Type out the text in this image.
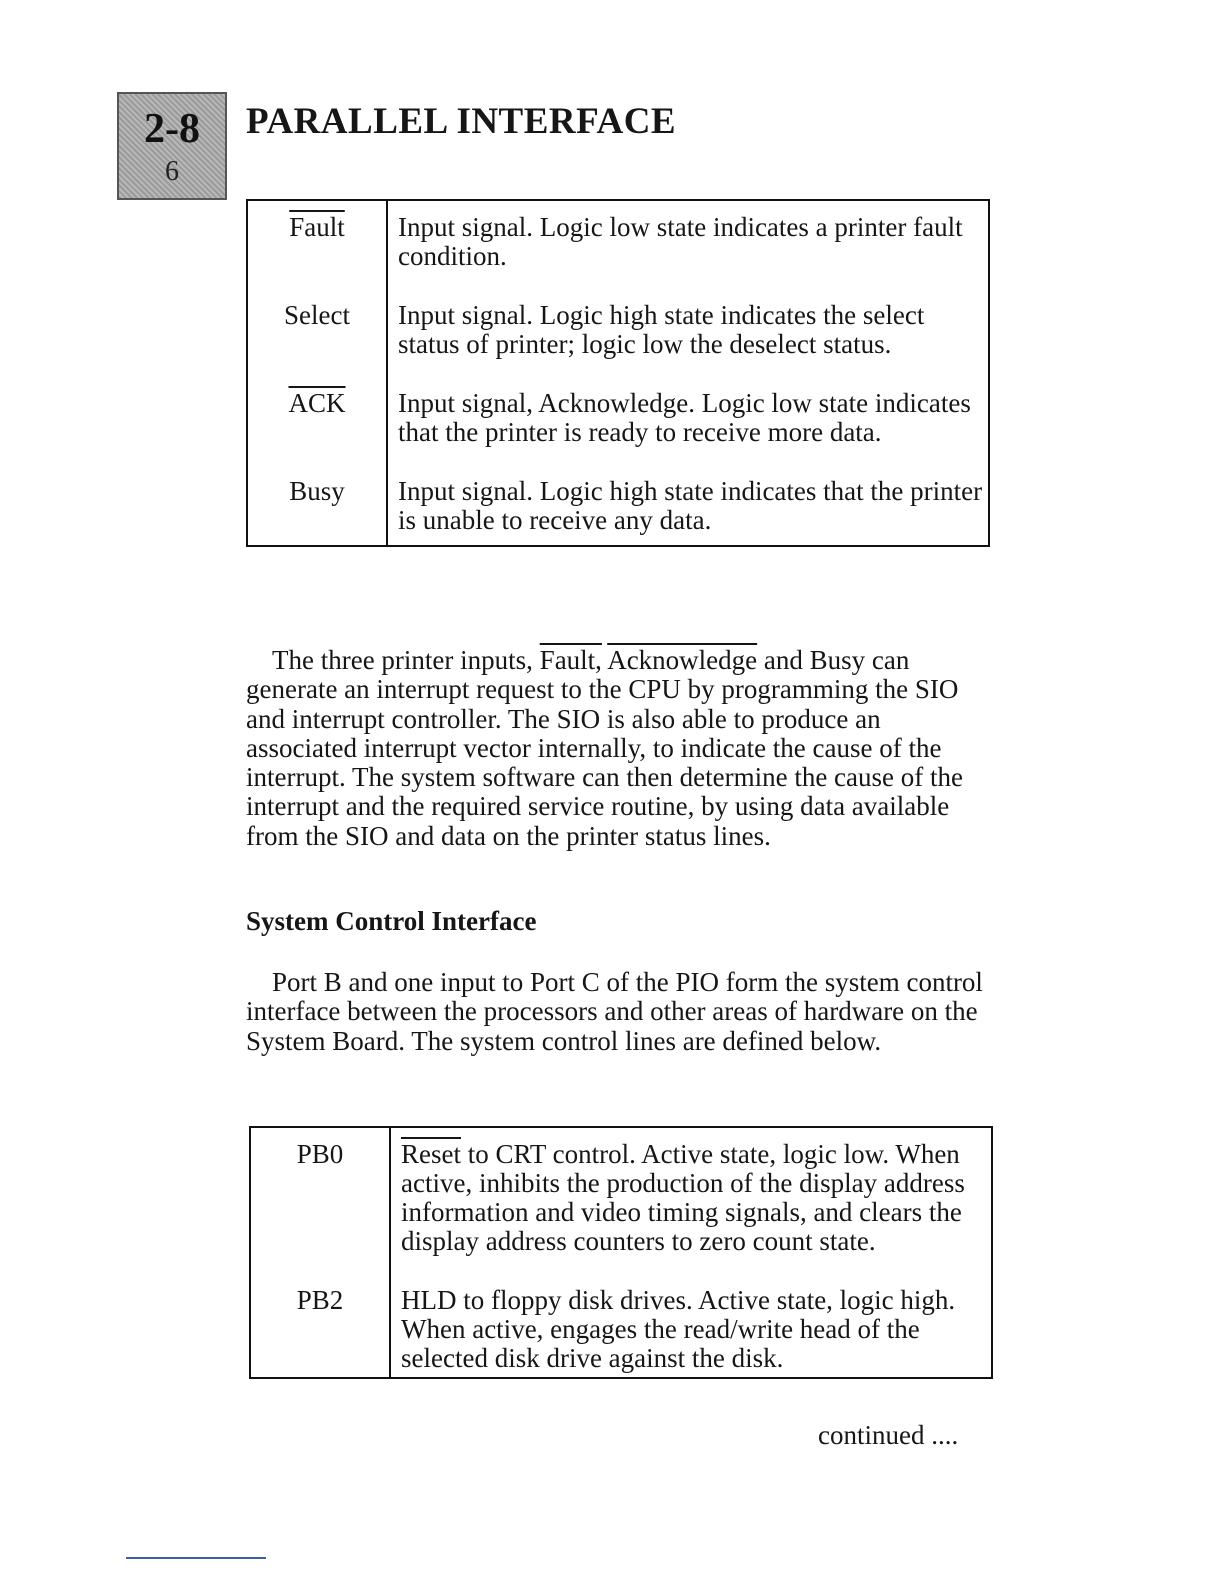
2-8
6
PARALLEL INTERFACE
Fault	Input signal. Logic low state indicates a printer fault condition.
Select	Input signal. Logic high state indicates the select status of printer; logic low the deselect status.
$\overline{ACK}$	Input signal, Acknowledge. Logic low state indicates that the printer is ready to receive more data.
Busy	Input signal. Logic high state indicates that the printer is unable to receive any data.

The three printer inputs, Fault, Acknowledge and Busy can generate an interrupt request to the CPU by programming the SIO and interrupt controller. The SIO is also able to produce an associated interrupt vector internally, to indicate the cause of the interrupt. The system software can then determine the cause of the interrupt and the required service routine, by using data available from the SIO and data on the printer status lines.

System Control Interface

Port B and one input to Port C of the PIO form the system control interface between the processors and other areas of hardware on the System Board. The system control lines are defined below.

PB0	Reset to CRT control. Active state, logic low. When active, inhibits the production of the display address information and video timing signals, and clears the display address counters to zero count state.
PB2	HLD to floppy disk drives. Active state, logic high. When active, engages the read/write head of the selected disk drive against the disk.

continued ....
